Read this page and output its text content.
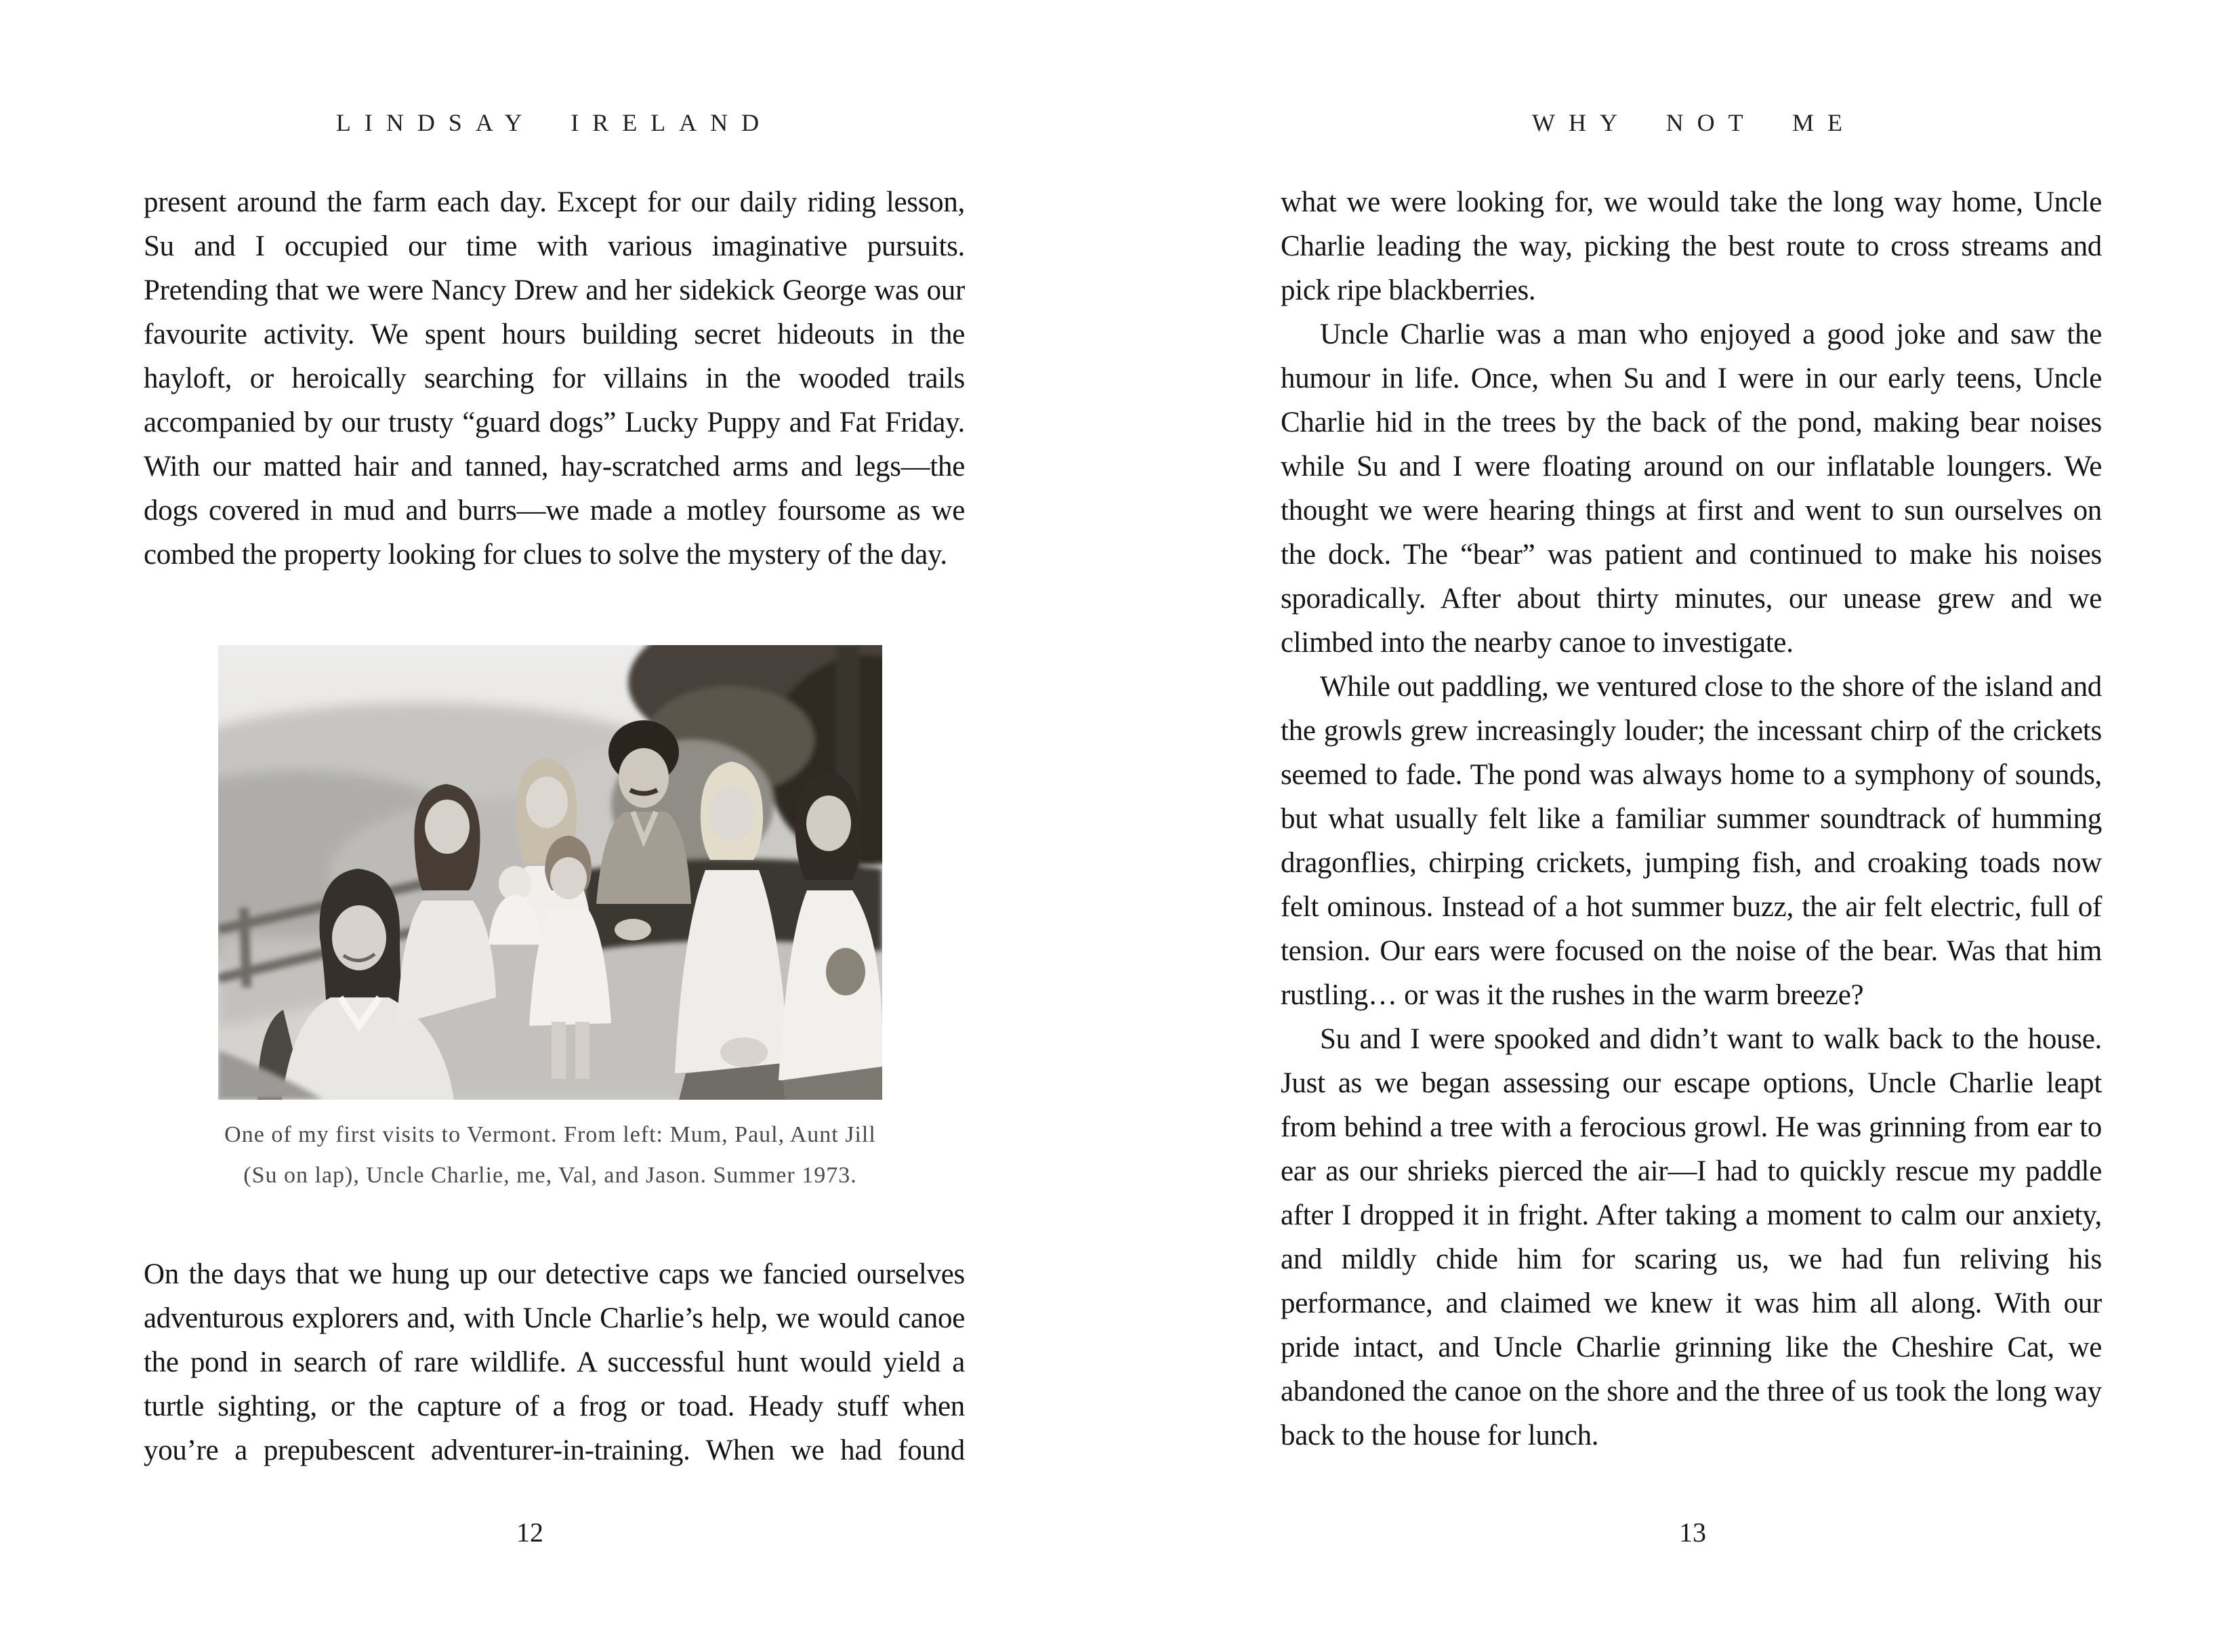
LINDSAY IRELAND

present around the farm each day. Except for our daily riding lesson, Su and I occupied our time with various imaginative pursuits. Pretending that we were Nancy Drew and her sidekick George was our favourite activity. We spent hours building secret hideouts in the hayloft, or heroically searching for villains in the wooded trails accompanied by our trusty “guard dogs” Lucky Puppy and Fat Friday. With our matted hair and tanned, hay-scratched arms and legs—the dogs covered in mud and burrs—we made a motley foursome as we combed the property looking for clues to solve the mystery of the day.

One of my first visits to Vermont. From left: Mum, Paul, Aunt Jill
(Su on lap), Uncle Charlie, me, Val, and Jason. Summer 1973.

On the days that we hung up our detective caps we fancied ourselves adventurous explorers and, with Uncle Charlie’s help, we would canoe the pond in search of rare wildlife. A successful hunt would yield a turtle sighting, or the capture of a frog or toad. Heady stuff when you’re a prepubescent adventurer-in-training. When we had found

12
WHY NOT ME

what we were looking for, we would take the long way home, Uncle Charlie leading the way, picking the best route to cross streams and pick ripe blackberries.

Uncle Charlie was a man who enjoyed a good joke and saw the humour in life. Once, when Su and I were in our early teens, Uncle Charlie hid in the trees by the back of the pond, making bear noises while Su and I were floating around on our inflatable loungers. We thought we were hearing things at first and went to sun ourselves on the dock. The “bear” was patient and continued to make his noises sporadically. After about thirty minutes, our unease grew and we climbed into the nearby canoe to investigate.

While out paddling, we ventured close to the shore of the island and the growls grew increasingly louder; the incessant chirp of the crickets seemed to fade. The pond was always home to a symphony of sounds, but what usually felt like a familiar summer soundtrack of humming dragonflies, chirping crickets, jumping fish, and croaking toads now felt ominous. Instead of a hot summer buzz, the air felt electric, full of tension. Our ears were focused on the noise of the bear. Was that him rustling… or was it the rushes in the warm breeze?

Su and I were spooked and didn’t want to walk back to the house. Just as we began assessing our escape options, Uncle Charlie leapt from behind a tree with a ferocious growl. He was grinning from ear to ear as our shrieks pierced the air—I had to quickly rescue my paddle after I dropped it in fright. After taking a moment to calm our anxiety, and mildly chide him for scaring us, we had fun reliving his performance, and claimed we knew it was him all along. With our pride intact, and Uncle Charlie grinning like the Cheshire Cat, we abandoned the canoe on the shore and the three of us took the long way back to the house for lunch.

13
